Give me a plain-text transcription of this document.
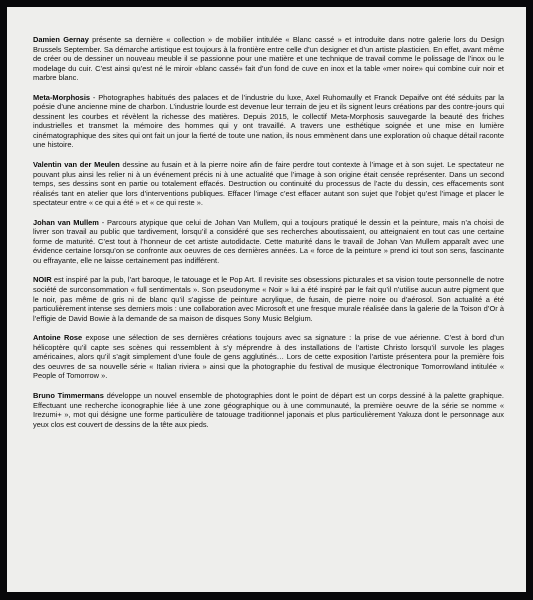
Damien Gernay présente sa dernière « collection » de mobilier intitulée « Blanc cassé » et introduite dans notre galerie lors du Design Brussels September. Sa démarche artistique est toujours à la frontière entre celle d’un designer et d’un artiste plasticien. En effet, avant même de créer ou de dessiner un nouveau meuble il se passionne pour une matière et une technique de travail comme le polissage de l’inox ou le modelage du cuir. C’est ainsi qu’est né le miroir «blanc cassé» fait d’un fond de cuve en inox et la table «mer noire» qui combine cuir noir et marbre blanc.

Meta-Morphosis - Photographes habitués des palaces et de l’industrie du luxe, Axel Ruhomaully et Franck Depaifve ont été séduits par la poésie d’une ancienne mine de charbon. L’industrie lourde est devenue leur terrain de jeu et ils signent leurs créations par des contre-jours qui dessinent les courbes et révèlent la richesse des matières. Depuis 2015, le collectif Meta-Morphosis sauvegarde la beauté des friches industrielles et transmet la mémoire des hommes qui y ont travaillé. A travers une esthétique soignée et une mise en lumière cinématographique des sites qui ont fait un jour la fierté de toute une nation, ils nous emmènent dans une exploration où chaque détail raconte une histoire.

Valentin van der Meulen dessine au fusain et à la pierre noire afin de faire perdre tout contexte à l’image et à son sujet. Le spectateur ne pouvant plus ainsi les relier ni à un événement précis ni à une actualité que l’image à son origine était censée représenter. Dans un second temps, ses dessins sont en partie ou totalement effacés. Destruction ou continuité du processus de l’acte du dessin, ces effacements sont réalisés tant en atelier que lors d’interventions publiques. Effacer l’image c’est effacer autant son sujet que l’objet qu’est l’image et placer le spectateur entre « ce qui a été » et « ce qui reste ».

Johan van Mullem - Parcours atypique que celui de Johan Van Mullem, qui a toujours pratiqué le dessin et la peinture, mais n’a choisi de livrer son travail au public que tardivement, lorsqu’il a considéré que ses recherches aboutissaient, ou atteignaient en tout cas une certaine forme de maturité. C’est tout à l’honneur de cet artiste autodidacte. Cette maturité dans le travail de Johan Van Mullem apparaît avec une évidence certaine lorsqu’on se confronte aux oeuvres de ces dernières années. La « force de la peinture » prend ici tout son sens, fascinante ou effrayante, elle ne laisse certainement pas indifférent.

NOIR est inspiré par la pub, l’art baroque, le tatouage et le Pop Art. Il revisite ses obsessions picturales et sa vision toute personnelle de notre société de surconsommation « full sentimentals ». Son pseudonyme « Noir » lui a été inspiré par le fait qu’il n’utilise aucun autre pigment que le noir, pas même de gris ni de blanc qu’il s’agisse de peinture acrylique, de fusain, de pierre noire ou d’aérosol. Son actualité a été particulièrement intense ses derniers mois : une collaboration avec Microsoft et une fresque murale réalisée dans la galerie de la Toison d’Or à l’effigie de David Bowie à la demande de sa maison de disques Sony Music Belgium.

Antoine Rose expose une sélection de ses dernières créations toujours avec sa signature : la prise de vue aérienne. C’est à bord d’un hélicoptère qu’il capte ses scènes qui ressemblent à s’y méprendre à des installations de l’artiste Christo lorsqu’il survole les plages américaines, alors qu’il s’agit simplement d’une foule de gens agglutinés… Lors de cette exposition l’artiste présentera pour la première fois des oeuvres de sa nouvelle série « Italian riviera » ainsi que la photographie du festival de musique électronique Tomorrowland intitulée « People of Tomorrow ».

Bruno Timmermans développe un nouvel ensemble de photographies dont le point de départ est un corps dessiné à la palette graphique. Effectuant une recherche iconographie liée à une zone géographique ou à une communauté, la première oeuvre de la série se nomme « Irezumi+ », mot qui désigne une forme particulière de tatouage traditionnel japonais et plus particulièrement Yakuza dont le personnage aux yeux clos est couvert de dessins de la tête aux pieds.
